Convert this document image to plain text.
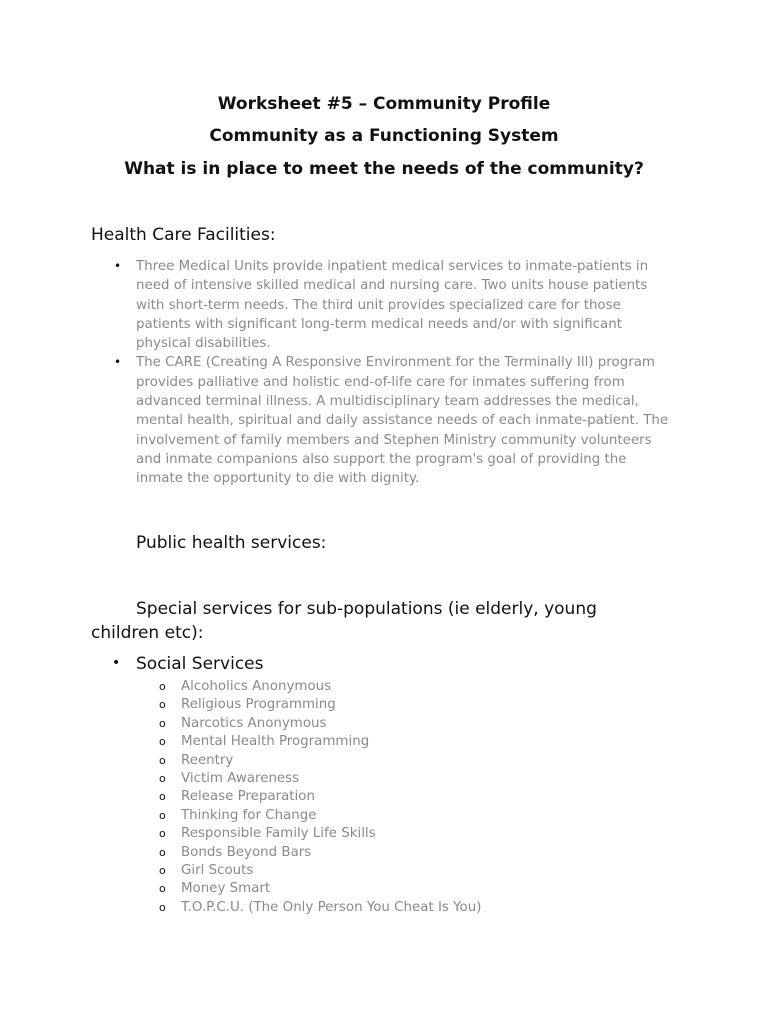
Worksheet #5 – Community Profile
Community as a Functioning System
What is in place to meet the needs of the community?
Health Care Facilities:
• Three Medical Units provide inpatient medical services to inmate-patients in need of intensive skilled medical and nursing care. Two units house patients with short-term needs. The third unit provides specialized care for those patients with significant long-term medical needs and/or with significant physical disabilities.
• The CARE (Creating A Responsive Environment for the Terminally Ill) program provides palliative and holistic end-of-life care for inmates suffering from advanced terminal illness. A multidisciplinary team addresses the medical, mental health, spiritual and daily assistance needs of each inmate-patient. The involvement of family members and Stephen Ministry community volunteers and inmate companions also support the program's goal of providing the inmate the opportunity to die with dignity.
Public health services:
Special services for sub-populations (ie elderly, young children etc):
• Social Services
o Alcoholics Anonymous
o Religious Programming
o Narcotics Anonymous
o Mental Health Programming
o Reentry
o Victim Awareness
o Release Preparation
o Thinking for Change
o Responsible Family Life Skills
o Bonds Beyond Bars
o Girl Scouts
o Money Smart
o T.O.P.C.U. (The Only Person You Cheat Is You)
